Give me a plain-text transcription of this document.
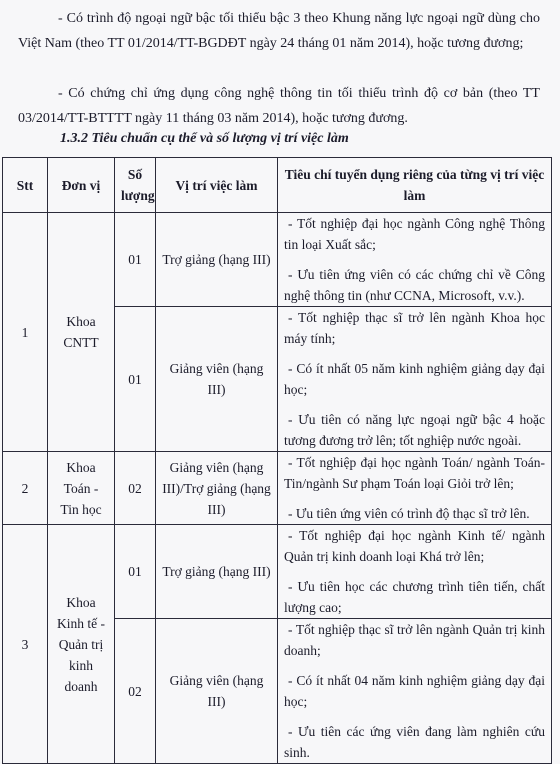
- Có trình độ ngoại ngữ bậc tối thiểu bậc 3 theo Khung năng lực ngoại ngữ dùng cho Việt Nam (theo TT 01/2014/TT-BGDĐT ngày 24 tháng 01 năm 2014), hoặc tương đương;

- Có chứng chỉ ứng dụng công nghệ thông tin tối thiểu trình độ cơ bản (theo TT 03/2014/TT-BTTTT ngày 11 tháng 03 năm 2014), hoặc tương đương.

1.3.2 Tiêu chuẩn cụ thể và số lượng vị trí việc làm

Stt	Đơn vị	Số lượng	Vị trí việc làm	Tiêu chí tuyển dụng riêng của từng vị trí việc làm
1	Khoa CNTT	01	Trợ giảng (hạng III)	- Tốt nghiệp đại học ngành Công nghệ Thông tin loại Xuất sắc;

- Ưu tiên ứng viên có các chứng chỉ về Công nghệ thông tin (như CCNA, Microsoft, v.v.).

		01	Giảng viên (hạng III)	- Tốt nghiệp thạc sĩ trở lên ngành Khoa học máy tính;

- Có ít nhất 05 năm kinh nghiệm giảng dạy đại học;

- Ưu tiên có năng lực ngoại ngữ bậc 4 hoặc tương đương trở lên; tốt nghiệp nước ngoài.

2	Khoa Toán - Tin học	02	Giảng viên (hạng III)/Trợ giảng (hạng III)	- Tốt nghiệp đại học ngành Toán/ ngành Toán-Tin/ngành Sư phạm Toán loại Giỏi trở lên;

- Ưu tiên ứng viên có trình độ thạc sĩ trở lên.

3	Khoa Kinh tế - Quản trị kinh doanh	01	Trợ giảng (hạng III)	- Tốt nghiệp đại học ngành Kinh tế/ ngành Quản trị kinh doanh loại Khá trở lên;

- Ưu tiên học các chương trình tiên tiến, chất lượng cao;

		02	Giảng viên (hạng III)	- Tốt nghiệp thạc sĩ trở lên ngành Quản trị kinh doanh;

- Có ít nhất 04 năm kinh nghiệm giảng dạy đại học;

- Ưu tiên các ứng viên đang làm nghiên cứu sinh.
